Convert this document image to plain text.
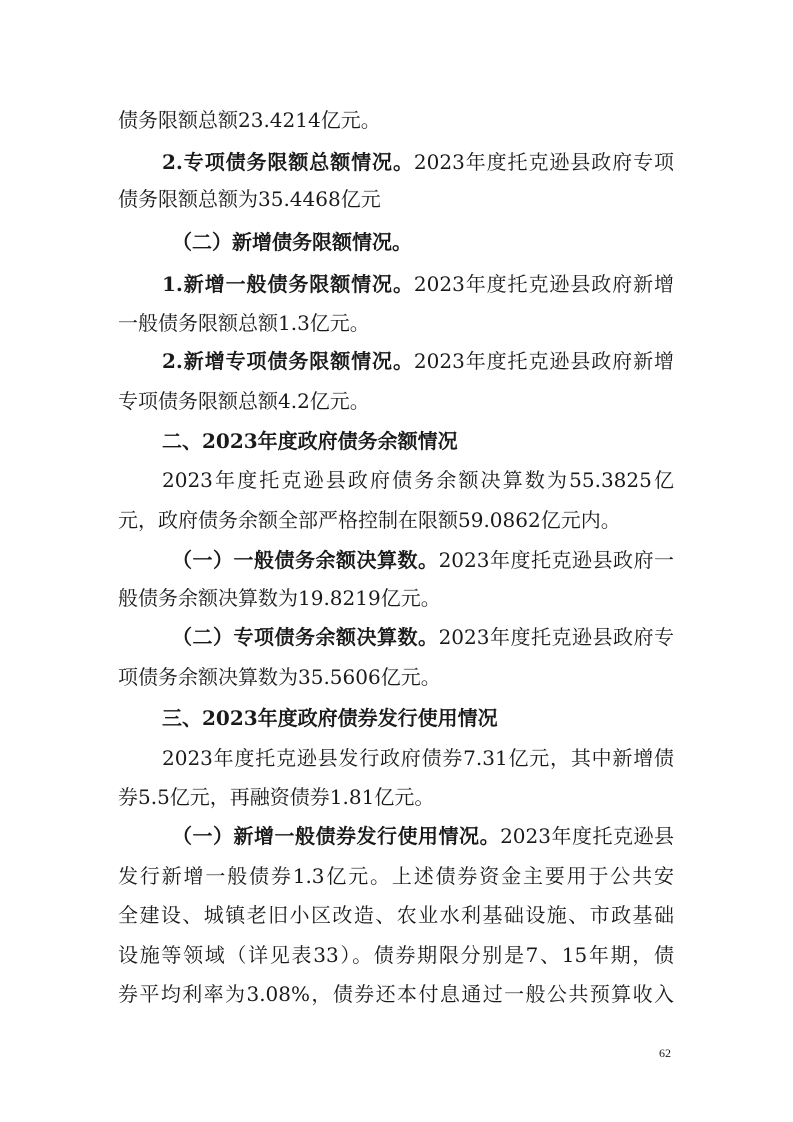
债务限额总额23.4214亿元。
2.专项债务限额总额情况。2023年度托克逊县政府专项
债务限额总额为35.4468亿元
（二）新增债务限额情况。
1.新增一般债务限额情况。2023年度托克逊县政府新增
一般债务限额总额1.3亿元。
2.新增专项债务限额情况。2023年度托克逊县政府新增
专项债务限额总额4.2亿元。
二、2023年度政府债务余额情况
2023年度托克逊县政府债务余额决算数为55.3825亿
元，政府债务余额全部严格控制在限额59.0862亿元内。
（一）一般债务余额决算数。2023年度托克逊县政府一
般债务余额决算数为19.8219亿元。
（二）专项债务余额决算数。2023年度托克逊县政府专
项债务余额决算数为35.5606亿元。
三、2023年度政府债券发行使用情况
2023年度托克逊县发行政府债券7.31亿元，其中新增债
券5.5亿元，再融资债券1.81亿元。
（一）新增一般债券发行使用情况。2023年度托克逊县
发行新增一般债券1.3亿元。上述债券资金主要用于公共安
全建设、城镇老旧小区改造、农业水利基础设施、市政基础
设施等领域（详见表33）。债券期限分别是7、15年期，债
券平均利率为3.08%，债券还本付息通过一般公共预算收入
62
